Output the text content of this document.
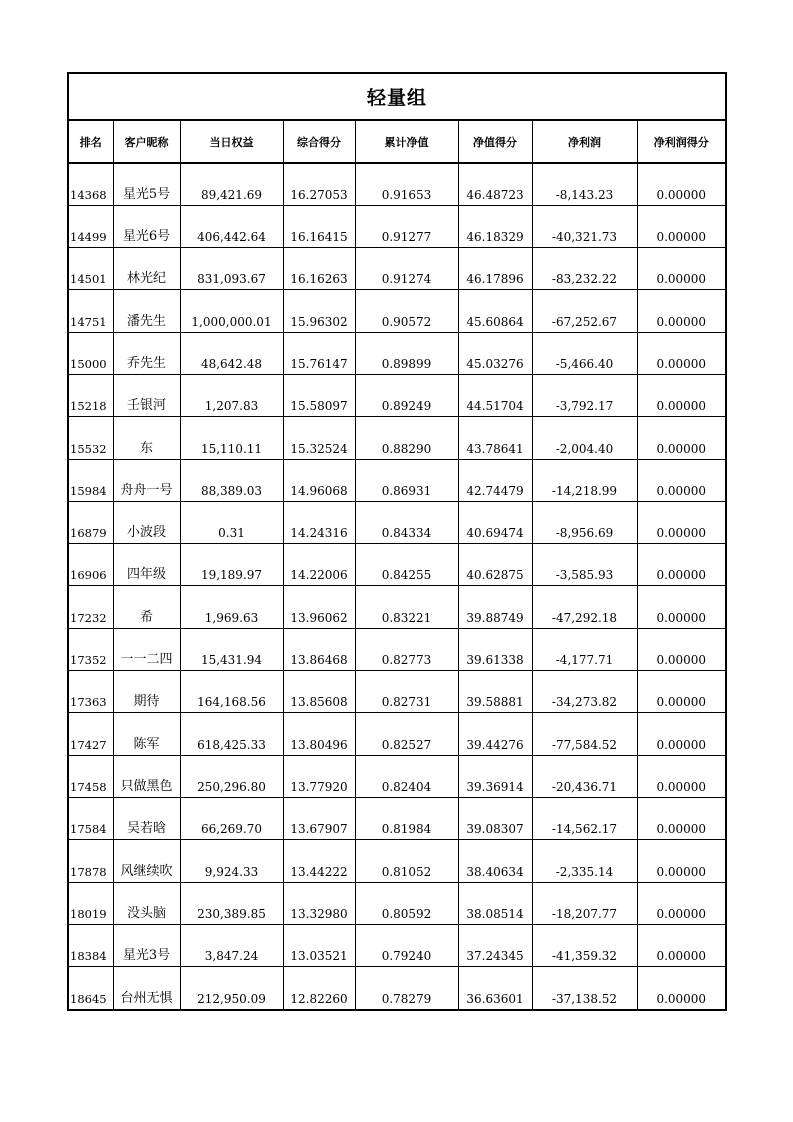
轻量组
排名	客户昵称	当日权益	综合得分	累计净值	净值得分	净利润	净利润得分
14368	星光5号	89,421.69	16.27053	0.91653	46.48723	-8,143.23	0.00000
14499	星光6号	406,442.64	16.16415	0.91277	46.18329	-40,321.73	0.00000
14501	林光纪	831,093.67	16.16263	0.91274	46.17896	-83,232.22	0.00000
14751	潘先生	1,000,000.01	15.96302	0.90572	45.60864	-67,252.67	0.00000
15000	乔先生	48,642.48	15.76147	0.89899	45.03276	-5,466.40	0.00000
15218	壬银河	1,207.83	15.58097	0.89249	44.51704	-3,792.17	0.00000
15532	东	15,110.11	15.32524	0.88290	43.78641	-2,004.40	0.00000
15984	舟舟一号	88,389.03	14.96068	0.86931	42.74479	-14,218.99	0.00000
16879	小波段	0.31	14.24316	0.84334	40.69474	-8,956.69	0.00000
16906	四年级	19,189.97	14.22006	0.84255	40.62875	-3,585.93	0.00000
17232	希	1,969.63	13.96062	0.83221	39.88749	-47,292.18	0.00000
17352	一一二四	15,431.94	13.86468	0.82773	39.61338	-4,177.71	0.00000
17363	期待	164,168.56	13.85608	0.82731	39.58881	-34,273.82	0.00000
17427	陈军	618,425.33	13.80496	0.82527	39.44276	-77,584.52	0.00000
17458	只做黑色	250,296.80	13.77920	0.82404	39.36914	-20,436.71	0.00000
17584	吴若晗	66,269.70	13.67907	0.81984	39.08307	-14,562.17	0.00000
17878	风继续吹	9,924.33	13.44222	0.81052	38.40634	-2,335.14	0.00000
18019	没头脑	230,389.85	13.32980	0.80592	38.08514	-18,207.77	0.00000
18384	星光3号	3,847.24	13.03521	0.79240	37.24345	-41,359.32	0.00000
18645	台州无惧	212,950.09	12.82260	0.78279	36.63601	-37,138.52	0.00000
